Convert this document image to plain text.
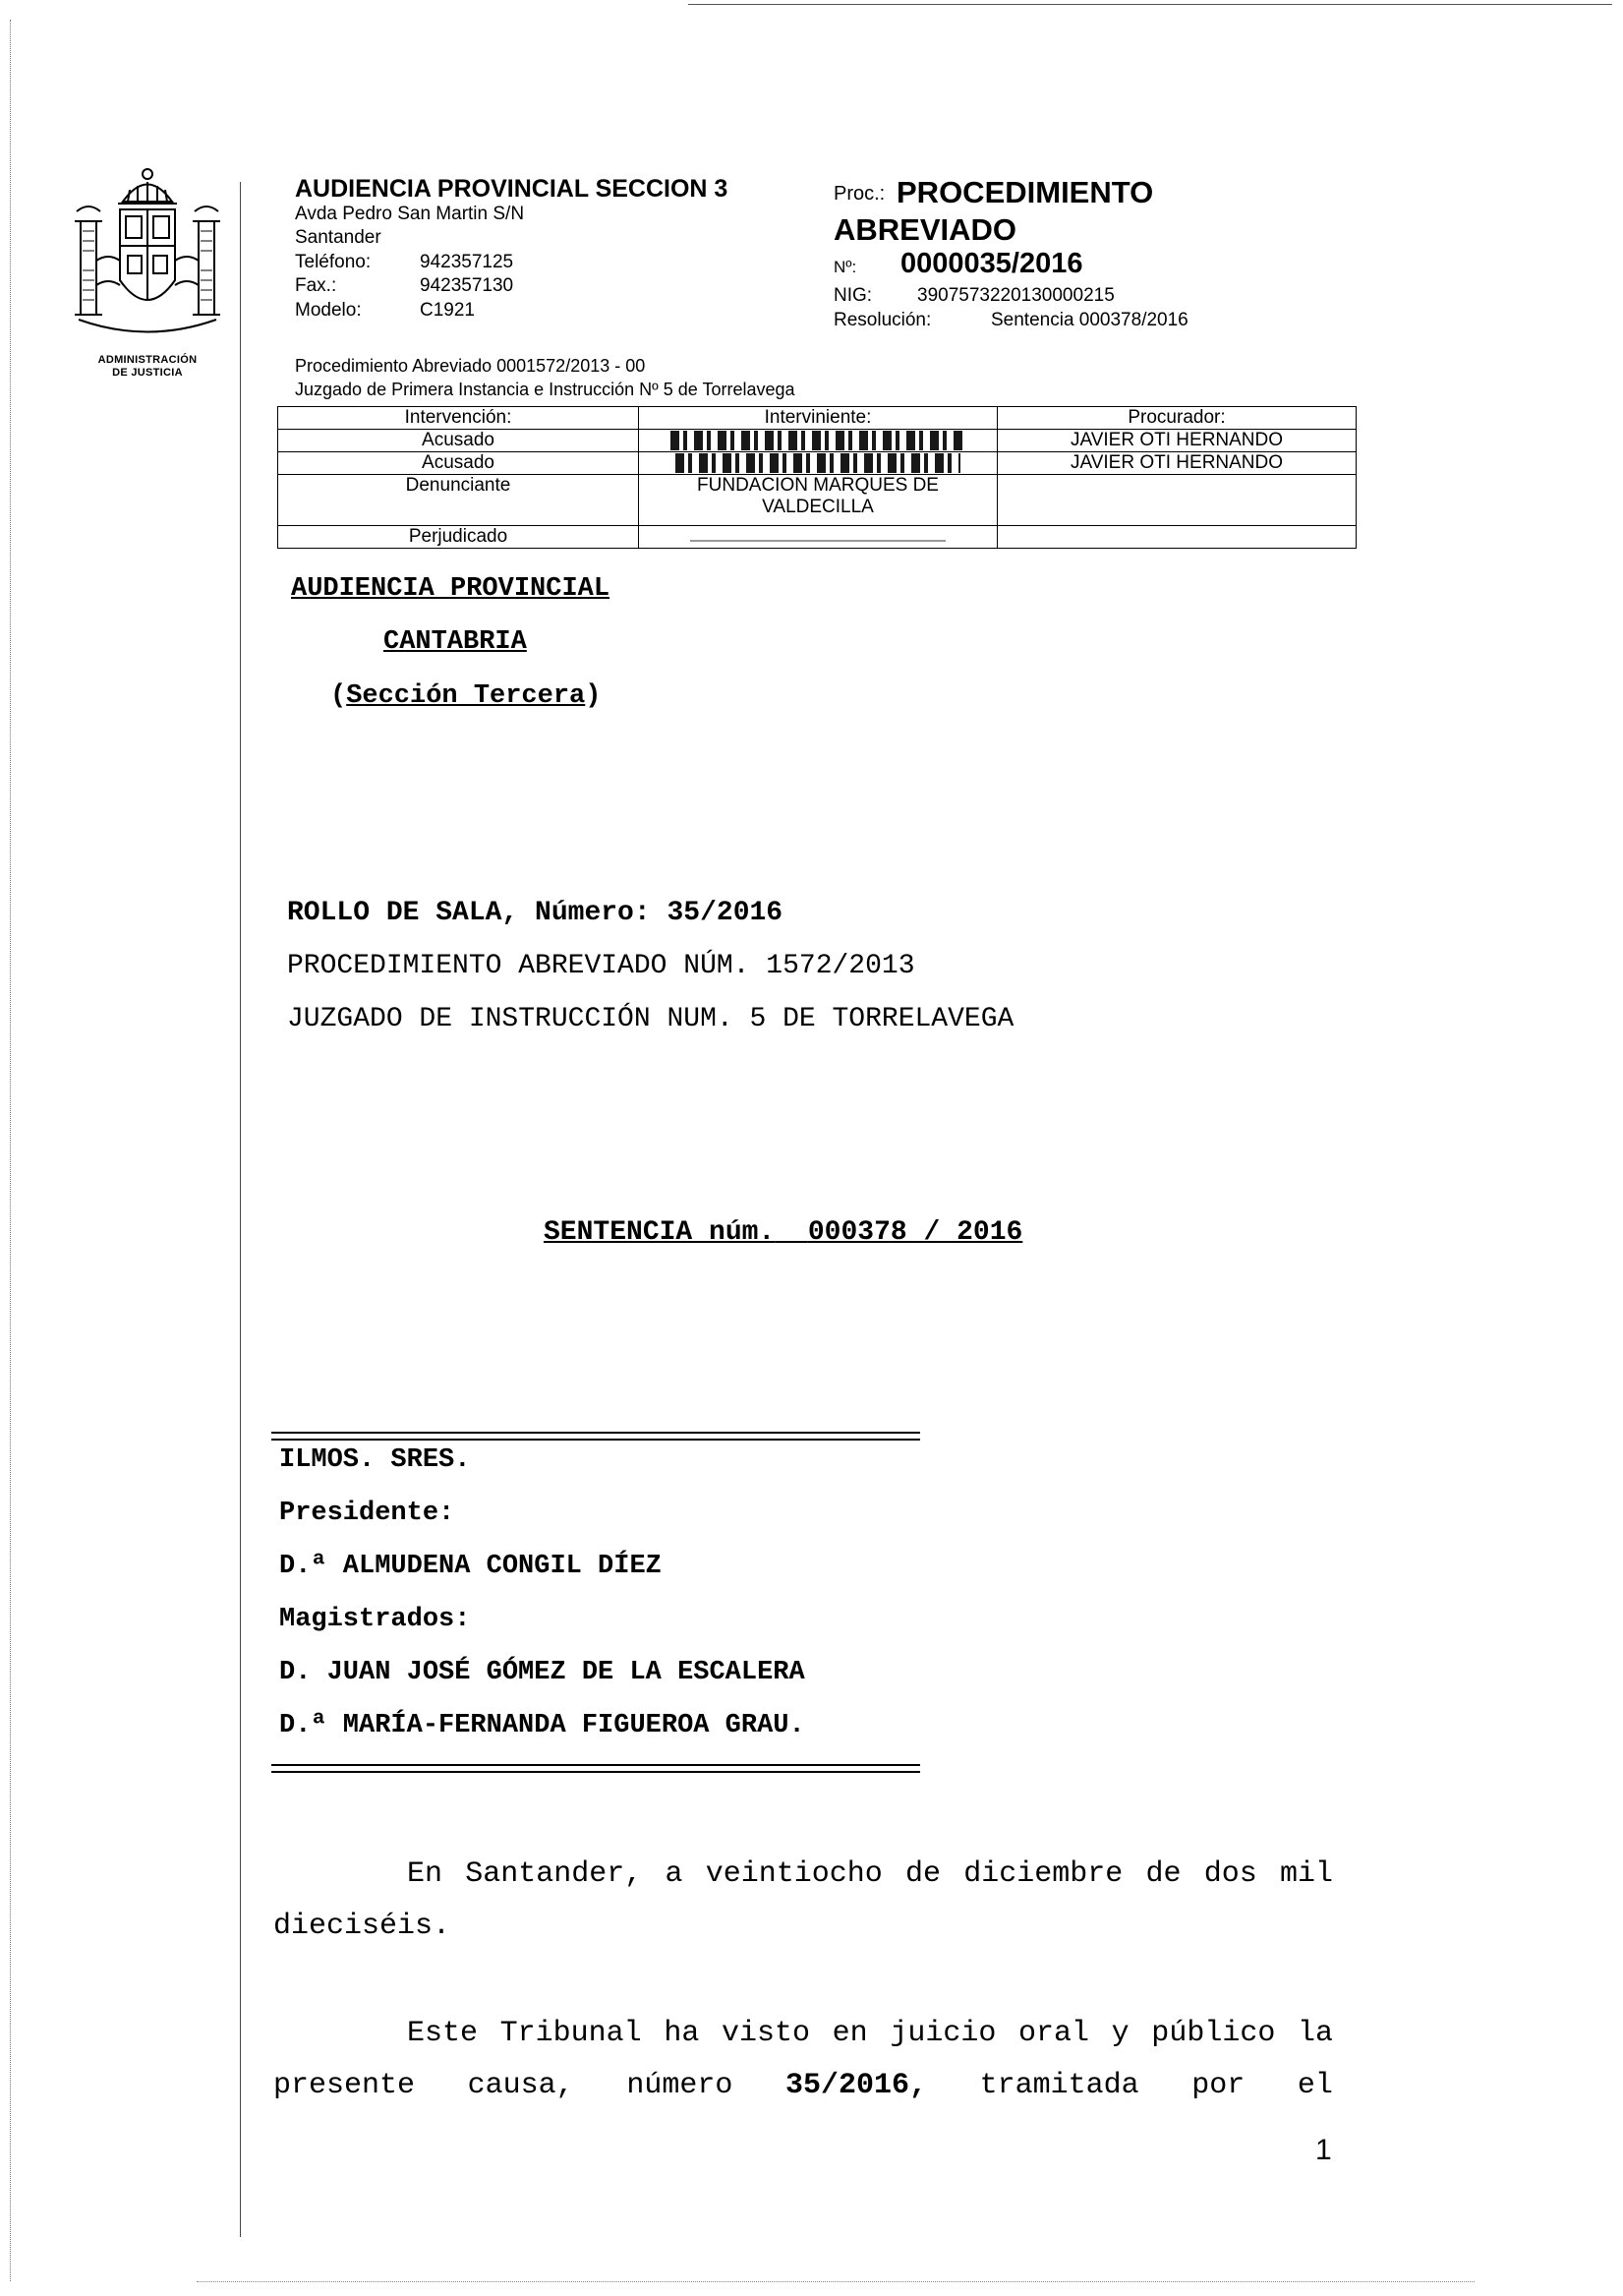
ADMINISTRACIÓN
DE JUSTICIA
AUDIENCIA PROVINCIAL SECCION 3
Avda Pedro San Martin S/N
Santander
Teléfono:	942357125
Fax.:	942357130
Modelo:	C1921
Proc.: PROCEDIMIENTO
ABREVIADO
Nº: 0000035/2016
NIG: 3907573220130000215
Resolución:	Sentencia 000378/2016
Procedimiento Abreviado 0001572/2013 - 00
Juzgado de Primera Instancia e Instrucción Nº 5 de Torrelavega
Intervención:	Interviniente:	Procurador:
Acusado		JAVIER OTI HERNANDO
Acusado		JAVIER OTI HERNANDO
Denunciante	FUNDACION MARQUES DE VALDECILLA	

Perjudicado		
AUDIENCIA PROVINCIAL
CANTABRIA
(Sección Tercera)
ROLLO DE SALA, Número: 35/2016
PROCEDIMIENTO ABREVIADO NÚM. 1572/2013
JUZGADO DE INSTRUCCIÓN NUM. 5 DE TORRELAVEGA
SENTENCIA núm. 000378 / 2016
ILMOS. SRES.
Presidente:
D.ª ALMUDENA CONGIL DÍEZ
Magistrados:
D. JUAN JOSÉ GÓMEZ DE LA ESCALERA
D.ª MARÍA-FERNANDA FIGUEROA GRAU.
En Santander, a veintiocho de diciembre de dos mil
dieciséis.
Este Tribunal ha visto en juicio oral y público la
presente causa, número 35/2016, tramitada por el
1
